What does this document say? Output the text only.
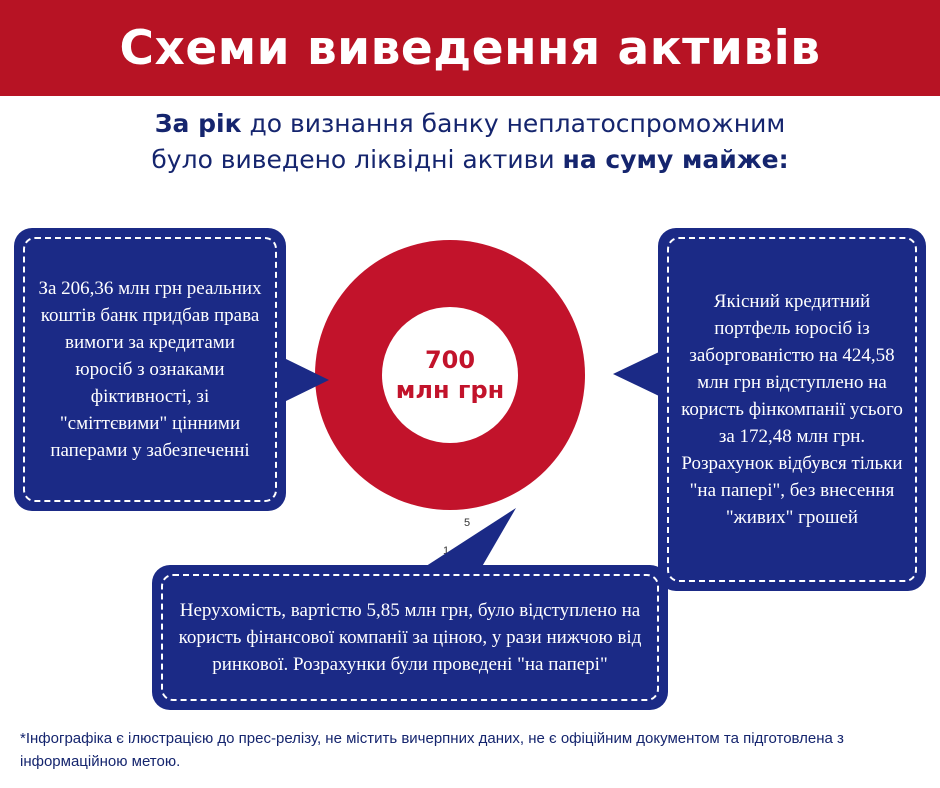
Схеми виведення активів
За рік до визнання банку неплатоспроможним
було виведено ліквідні активи на суму майже:
700
млн грн
5
1

За 206,36 млн грн реальних коштів банк придбав права вимоги за кредитами юросіб з ознаками фіктивності, зі "сміттєвими" цінними паперами у забезпеченні

Якісний кредитний портфель юросіб із заборгованістю на 424,58 млн грн відступлено на користь фінкомпанії усього за 172,48 млн грн. Розрахунок відбувся тільки "на папері", без внесення "живих" грошей

Нерухомість, вартістю 5,85 млн грн, було відступлено на користь фінансової компанії за ціною, у рази нижчою від ринкової. Розрахунки були проведені "на папері"

*Інфографіка є ілюстрацією до прес-релізу, не містить вичерпних даних, не є офіційним документом та підготовлена з інформаційною метою.
